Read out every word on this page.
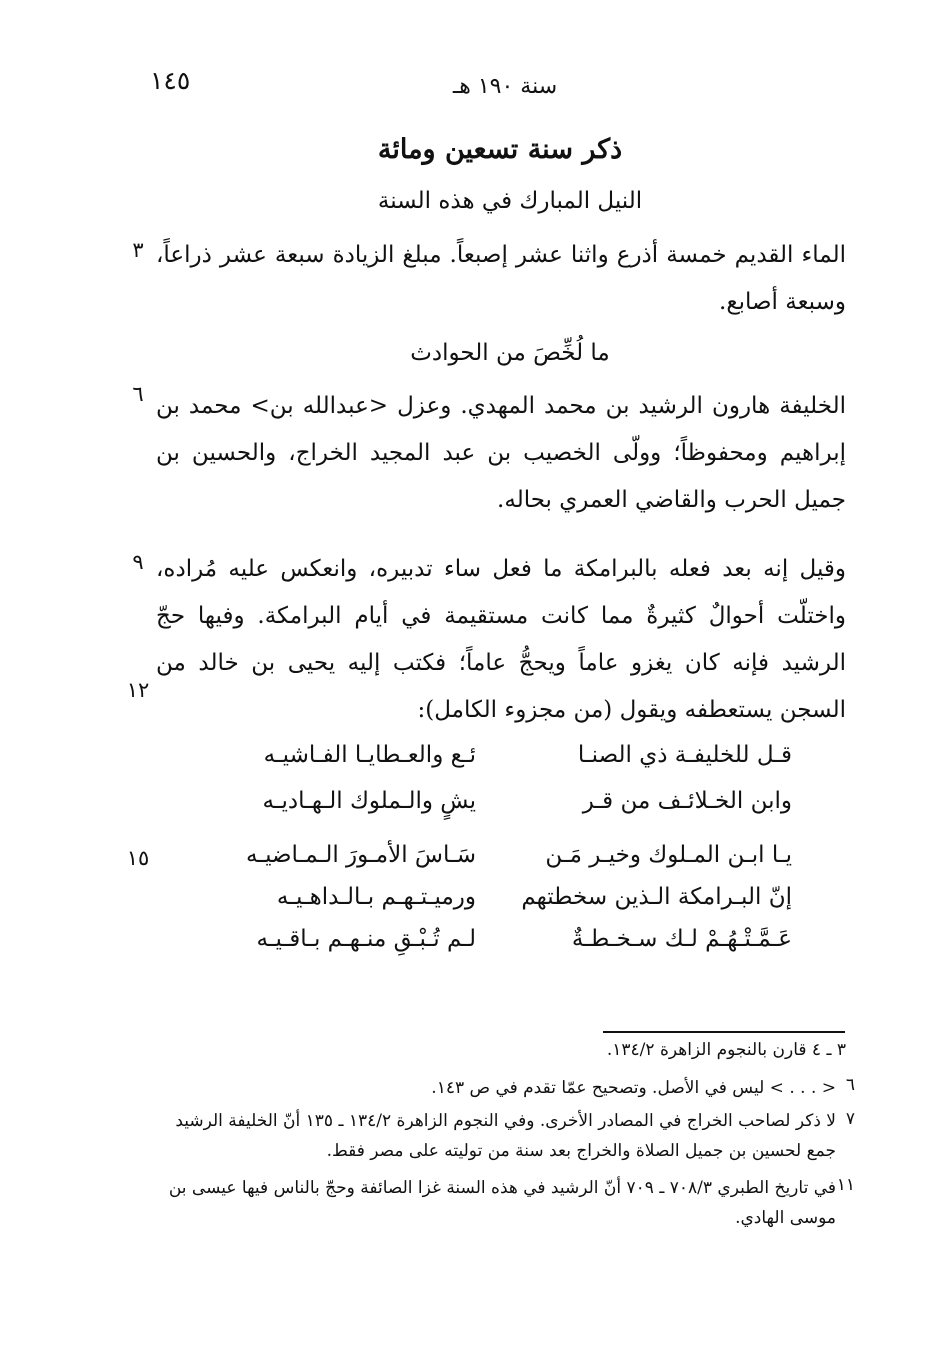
١٤٥	سنة ١٩٠ هـ
ذكر سنة تسعين ومائة
النيل المبارك في هذه السنة
الماء القديم خمسة أذرع واثنا عشر إصبعاً. مبلغ الزيادة سبعة عشر ذراعاً، وسبعة أصابع.
ما لُخِّصَ من الحوادث
الخليفة هارون الرشيد بن محمد المهدي. وعزل <عبدالله بن> محمد بن إبراهيم ومحفوظاً؛ وولّى الخصيب بن عبد المجيد الخراج، والحسين بن جميل الحرب والقاضي العمري بحاله.
وقيل إنه بعد فعله بالبرامكة ما فعل ساء تدبيره، وانعكس عليه مُراده، واختلّت أحوالٌ كثيرةٌ مما كانت مستقيمة في أيام البرامكة. وفيها حجّ الرشيد فإنه كان يغزو عاماً ويحجُّ عاماً؛ فكتب إليه يحيى بن خالد من السجن يستعطفه ويقول (من مجزوء الكامل):
٣
٦
٩
١٢
١٥
قـل للخليفـة ذي الصنـا
ئـع والعـطايـا الفـاشيـه
وابن الخـلائـف من قـر
يشٍ والـملوك الـهـاديـه
يـا ابـن المـلوك وخيـر مَـن
سَـاسَ الأمـورَ الـمـاضيـه
إنّ البـرامكة الـذين سخطتهم
ورميـتـهـم بـالـداهـيـه
عَـمَّـتْـهُـمْ لـك سـخـطـةٌ
لـم تُـبْـقِ منـهـم بـاقـيـه
٣ ـ ٤ قارن بالنجوم الزاهرة ١٣٤/٢.
٦
< . . . > ليس في الأصل. وتصحيح عمّا تقدم في ص ١٤٣.
٧
لا ذكر لصاحب الخراج في المصادر الأخرى. وفي النجوم الزاهرة ١٣٤/٢ ـ ١٣٥ أنّ الخليفة الرشيد جمع لحسين بن جميل الصلاة والخراج بعد سنة من توليته على مصر فقط.
١١
في تاريخ الطبري ٧٠٨/٣ ـ ٧٠٩ أنّ الرشيد في هذه السنة غزا الصائفة وحجّ بالناس فيها عيسى بن موسى الهادي.
